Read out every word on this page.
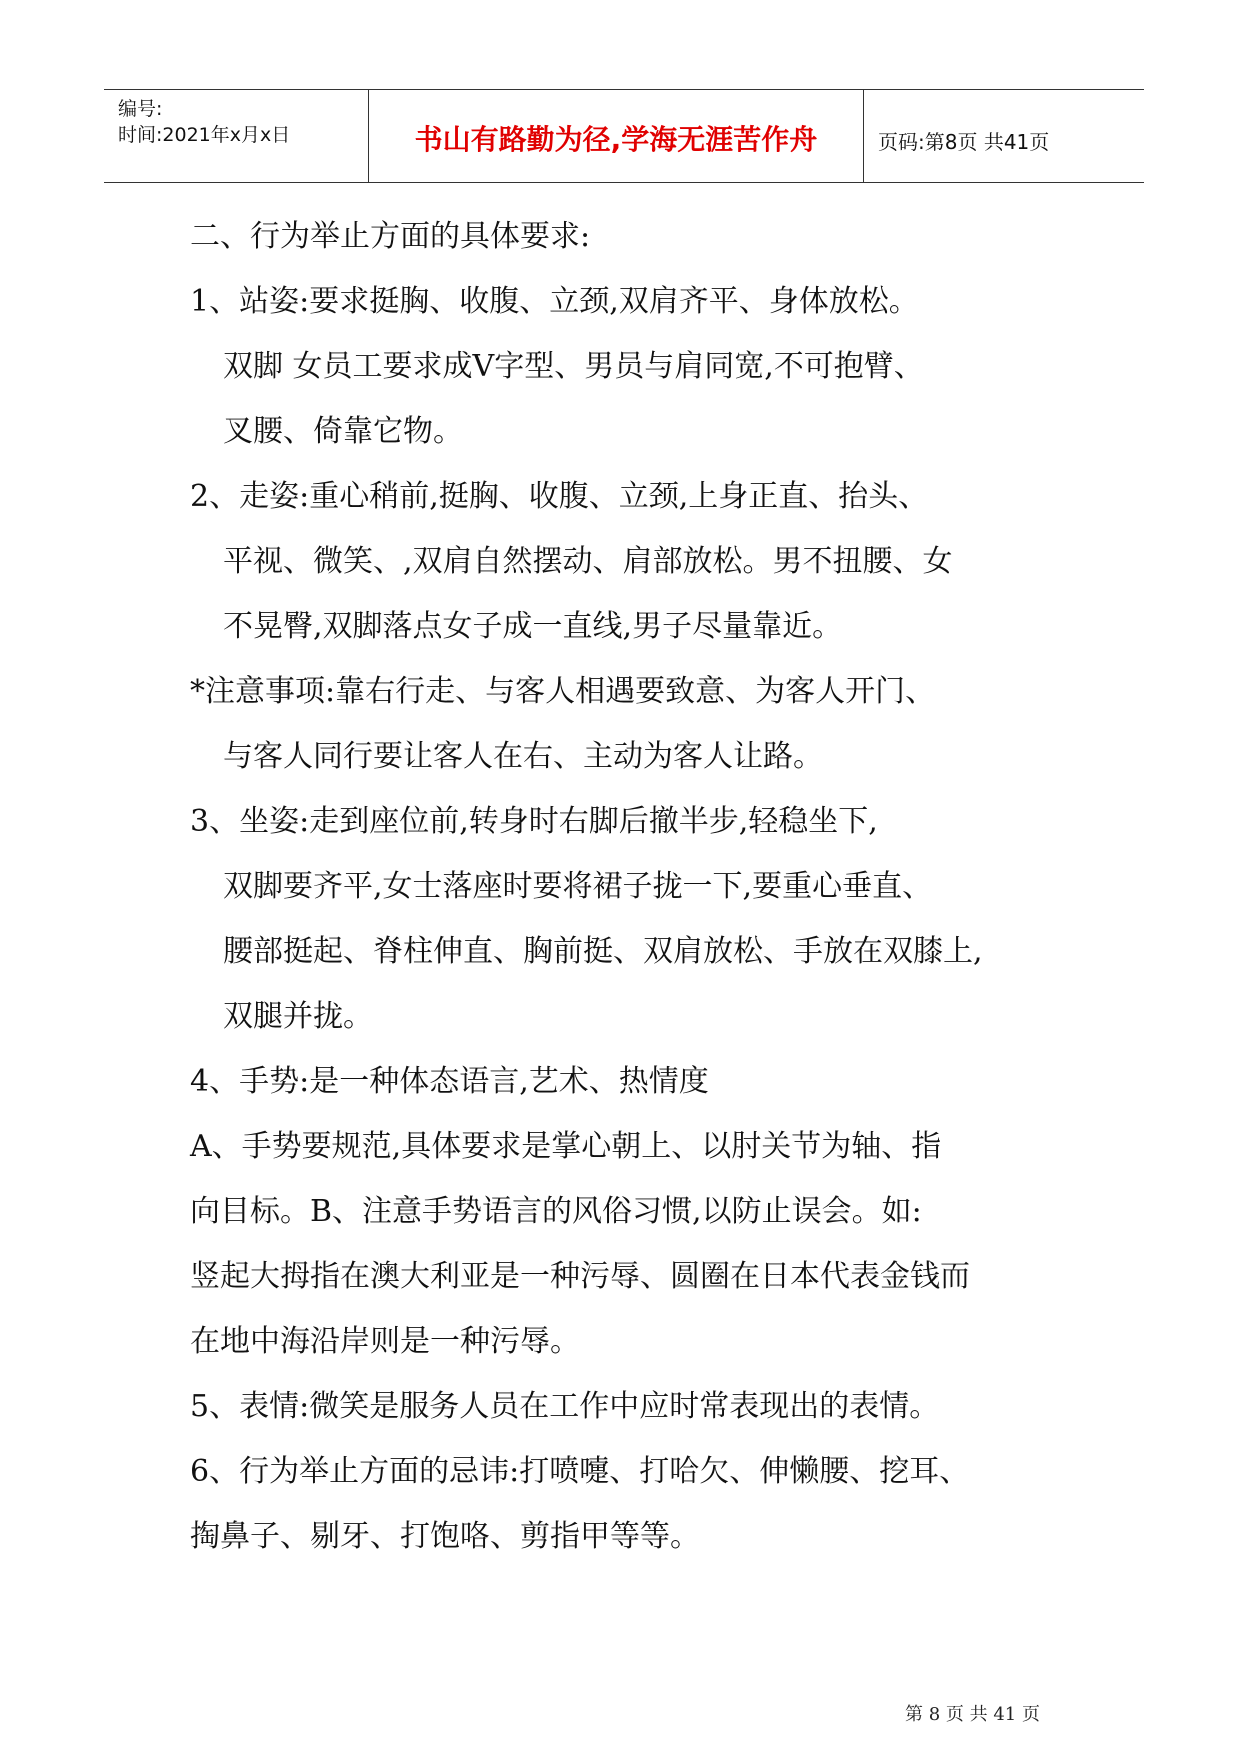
编号:
时间:2021年x月x日	书山有路勤为径,学海无涯苦作舟	页码:第8页 共41页

二、行为举止方面的具体要求:

1、站姿:要求挺胸、收腹、立颈,双肩齐平、身体放松。

双脚 女员工要求成V字型、男员与肩同宽,不可抱臂、

叉腰、倚靠它物。

2、走姿:重心稍前,挺胸、收腹、立颈,上身正直、抬头、

平视、微笑、,双肩自然摆动、肩部放松。男不扭腰、女

不晃臀,双脚落点女子成一直线,男子尽量靠近。

*注意事项:靠右行走、与客人相遇要致意、为客人开门、

与客人同行要让客人在右、主动为客人让路。

3、坐姿:走到座位前,转身时右脚后撤半步,轻稳坐下,

双脚要齐平,女士落座时要将裙子拢一下,要重心垂直、

腰部挺起、脊柱伸直、胸前挺、双肩放松、手放在双膝上,

双腿并拢。

4、手势:是一种体态语言,艺术、热情度

A、手势要规范,具体要求是掌心朝上、以肘关节为轴、指

向目标。B、注意手势语言的风俗习惯,以防止误会。如:

竖起大拇指在澳大利亚是一种污辱、圆圈在日本代表金钱而

在地中海沿岸则是一种污辱。

5、表情:微笑是服务人员在工作中应时常表现出的表情。

6、行为举止方面的忌讳:打喷嚏、打哈欠、伸懒腰、挖耳、

掏鼻子、剔牙、打饱咯、剪指甲等等。

第 8 页 共 41 页
